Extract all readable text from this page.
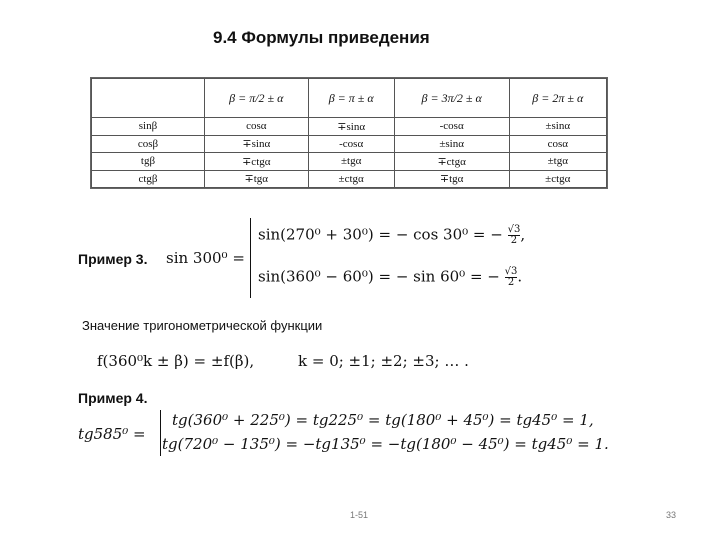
9.4 Формулы приведения
	β = π/2 ± α	β = π ± α	β = 3π/2 ± α	β = 2π ± α
sinβ	cosα	∓sinα	-cosα	±sinα
cosβ	∓sinα	-cosα	±sinα	cosα
tgβ	∓ctgα	±tgα	∓ctgα	±tgα
ctgβ	∓tgα	±ctgα	∓tgα	±ctgα
Пример 3. sin 300⁰ =
sin(270⁰ + 30⁰) = − cos 30⁰ = − $\frac{√3}{2}$ ,
sin(360⁰ − 60⁰) = − sin 60⁰ = − $\frac{√3}{2}$ .
Значение тригонометрической функции
f(360⁰k ± β) = ±f(β),	k = 0; ±1; ±2; ±3; … .
Пример 4.
tg585⁰ =
tg(360⁰ + 225⁰) = tg225⁰ = tg(180⁰ + 45⁰) = tg45⁰ = 1,
tg(720⁰ − 135⁰) = −tg135⁰ = −tg(180⁰ − 45⁰) = tg45⁰ = 1.
1-51	33
